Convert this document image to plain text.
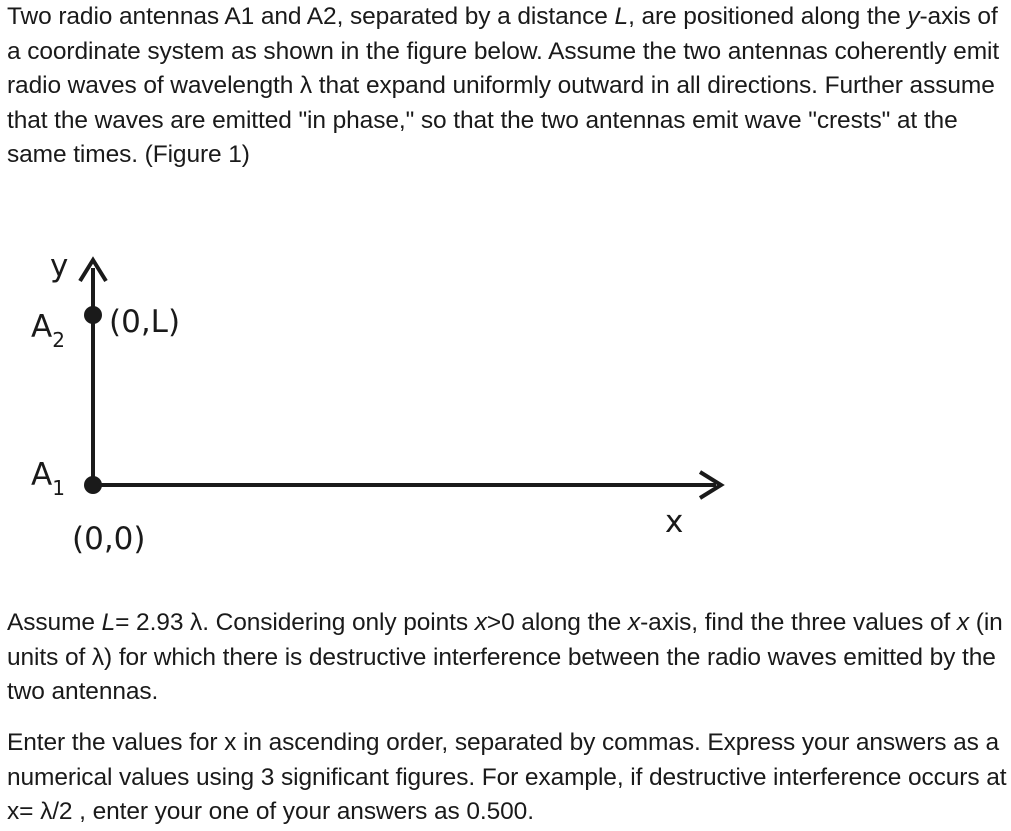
Two radio antennas A1 and A2, separated by a distance L, are positioned along the y-axis of a coordinate system as shown in the figure below. Assume the two antennas coherently emit radio waves of wavelength λ that expand uniformly outward in all directions. Further assume that the waves are emitted "in phase," so that the two antennas emit wave "crests" at the same times. (Figure 1)

y
x
$A_2$ (0,L)
$A_1$
(0,0)

Assume L= 2.93 λ. Considering only points x>0 along the x-axis, find the three values of x (in units of λ) for which there is destructive interference between the radio waves emitted by the two antennas.

Enter the values for x in ascending order, separated by commas. Express your answers as a numerical values using 3 significant figures. For example, if destructive interference occurs at x= λ/2 , enter your one of your answers as 0.500.
